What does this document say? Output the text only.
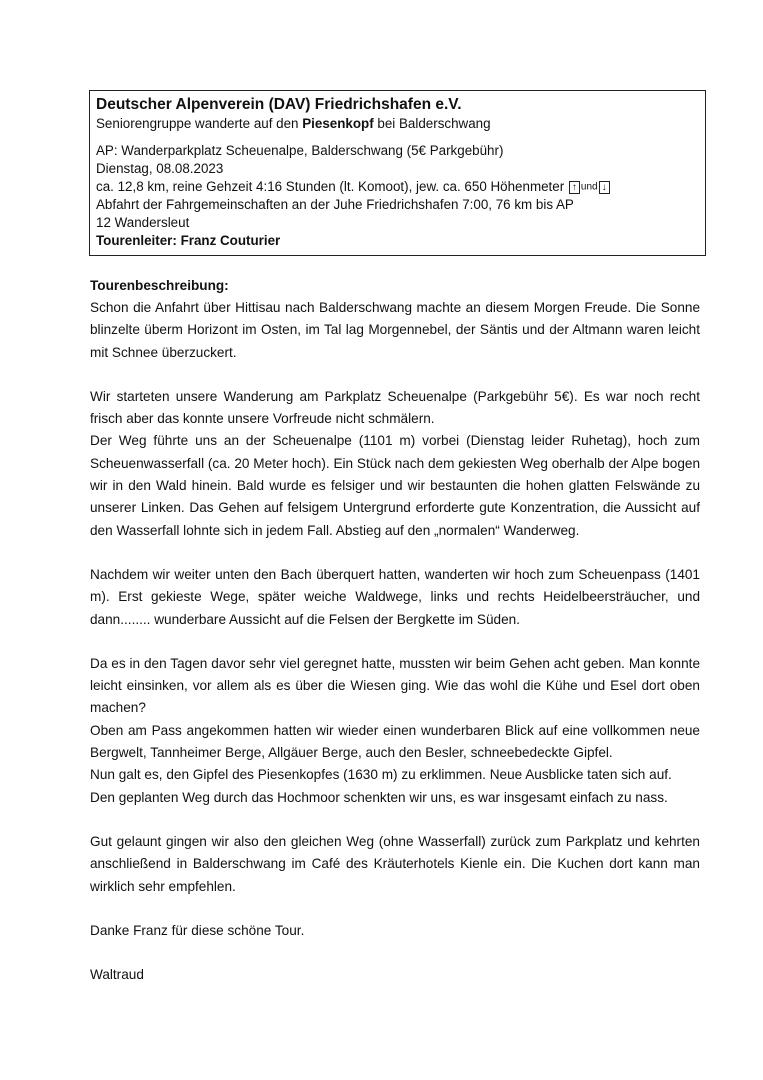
Deutscher Alpenverein (DAV) Friedrichshafen e.V.

Seniorengruppe wanderte auf den Piesenkopf bei Balderschwang

AP: Wanderparkplatz Scheuenalpe, Balderschwang (5€ Parkgebühr)

Dienstag, 08.08.2023

ca. 12,8 km, reine Gehzeit 4:16 Stunden (lt. Komoot), jew. ca. 650 Höhenmeter ↑ und ↓

Abfahrt der Fahrgemeinschaften an der Juhe Friedrichshafen 7:00, 76 km bis AP

12 Wandersleut

Tourenleiter: Franz Couturier

Tourenbeschreibung:

Schon die Anfahrt über Hittisau nach Balderschwang machte an diesem Morgen Freude. Die Sonne blinzelte überm Horizont im Osten, im Tal lag Morgennebel, der Säntis und der Altmann waren leicht mit Schnee überzuckert.

Wir starteten unsere Wanderung am Parkplatz Scheuenalpe (Parkgebühr 5€). Es war noch recht frisch aber das konnte unsere Vorfreude nicht schmälern.

Der Weg führte uns an der Scheuenalpe (1101 m) vorbei (Dienstag leider Ruhetag), hoch zum Scheuenwasserfall (ca. 20 Meter hoch). Ein Stück nach dem gekiesten Weg oberhalb der Alpe bogen wir in den Wald hinein. Bald wurde es felsiger und wir bestaunten die hohen glatten Felswände zu unserer Linken. Das Gehen auf felsigem Untergrund erforderte gute Konzentration, die Aussicht auf den Wasserfall lohnte sich in jedem Fall. Abstieg auf den „normalen“ Wanderweg.

Nachdem wir weiter unten den Bach überquert hatten, wanderten wir hoch zum Scheuenpass (1401 m). Erst gekieste Wege, später weiche Waldwege, links und rechts Heidelbeersträucher, und dann........ wunderbare Aussicht auf die Felsen der Bergkette im Süden.

Da es in den Tagen davor sehr viel geregnet hatte, mussten wir beim Gehen acht geben. Man konnte leicht einsinken, vor allem als es über die Wiesen ging. Wie das wohl die Kühe und Esel dort oben machen?

Oben am Pass angekommen hatten wir wieder einen wunderbaren Blick auf eine vollkommen neue Bergwelt, Tannheimer Berge, Allgäuer Berge, auch den Besler, schneebedeckte Gipfel.

Nun galt es, den Gipfel des Piesenkopfes (1630 m) zu erklimmen. Neue Ausblicke taten sich auf.

Den geplanten Weg durch das Hochmoor schenkten wir uns, es war insgesamt einfach zu nass.

Gut gelaunt gingen wir also den gleichen Weg (ohne Wasserfall) zurück zum Parkplatz und kehrten anschließend in Balderschwang im Café des Kräuterhotels Kienle ein. Die Kuchen dort kann man wirklich sehr empfehlen.

Danke Franz für diese schöne Tour.

Waltraud
